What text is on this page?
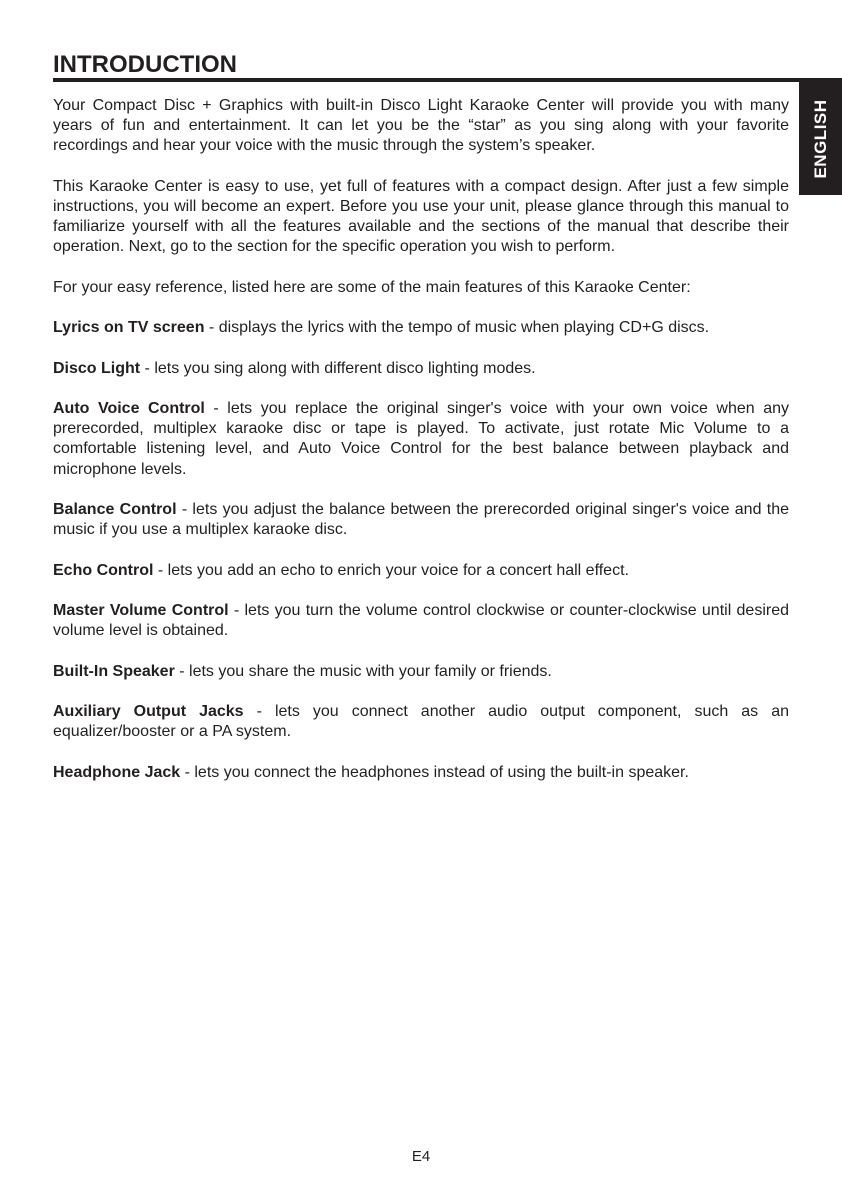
INTRODUCTION
ENGLISH

Your Compact Disc + Graphics with built-in Disco Light Karaoke Center will provide you with many years of fun and entertainment. It can let you be the “star” as you sing along with your favorite recordings and hear your voice with the music through the system’s speaker.

This Karaoke Center is easy to use, yet full of features with a compact design. After just a few simple instructions, you will become an expert. Before you use your unit, please glance through this manual to familiarize yourself with all the features available and the sections of the manual that describe their operation. Next, go to the section for the specific operation you wish to perform.

For your easy reference, listed here are some of the main features of this Karaoke Center:

Lyrics on TV screen - displays the lyrics with the tempo of music when playing CD+G discs.

Disco Light - lets you sing along with different disco lighting modes.

Auto Voice Control - lets you replace the original singer's voice with your own voice when any prerecorded, multiplex karaoke disc or tape is played. To activate, just rotate Mic Volume to a comfortable listening level, and Auto Voice Control for the best balance between playback and microphone levels.

Balance Control - lets you adjust the balance between the prerecorded original singer's voice and the music if you use a multiplex karaoke disc.

Echo Control - lets you add an echo to enrich your voice for a concert hall effect.

Master Volume Control - lets you turn the volume control clockwise or counter-clockwise until desired volume level is obtained.

Built-In Speaker - lets you share the music with your family or friends.

Auxiliary Output Jacks - lets you connect another audio output component, such as an equalizer/booster or a PA system.

Headphone Jack - lets you connect the headphones instead of using the built-in speaker.

E4
